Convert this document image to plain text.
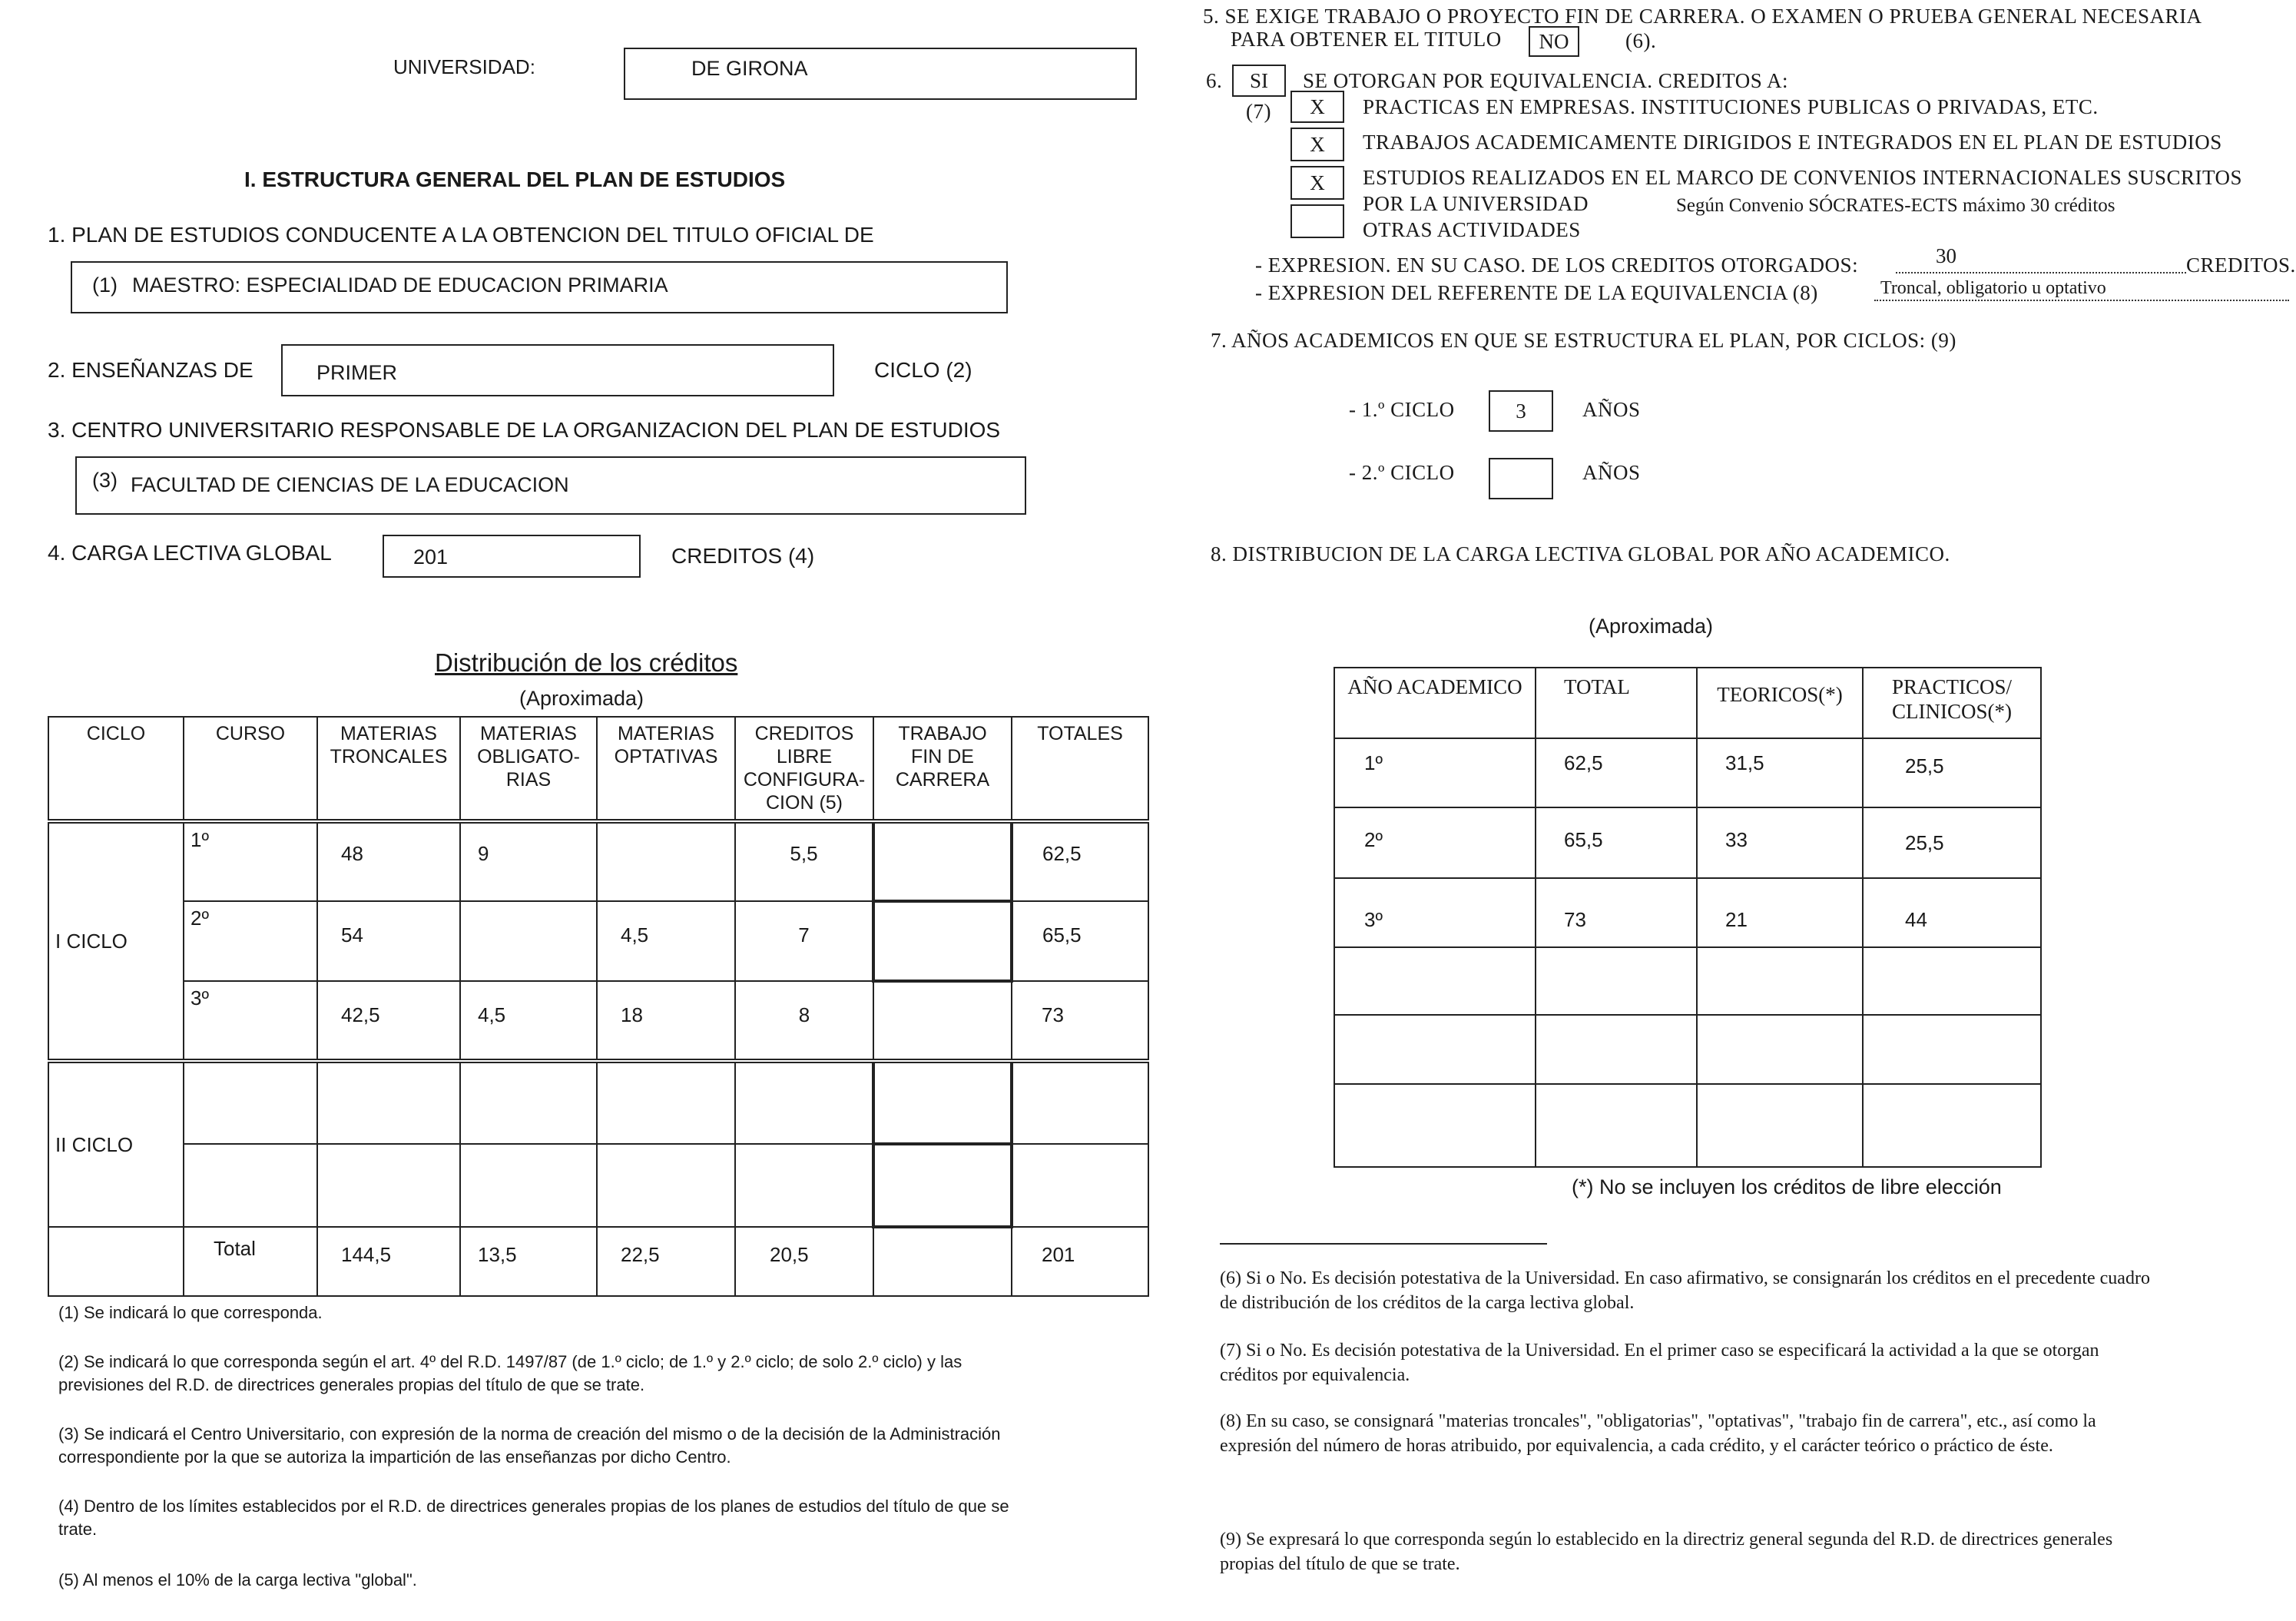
UNIVERSIDAD:	DE GIRONA
I. ESTRUCTURA GENERAL DEL PLAN DE ESTUDIOS
1. PLAN DE ESTUDIOS CONDUCENTE A LA OBTENCION DEL TITULO OFICIAL DE
(1) MAESTRO: ESPECIALIDAD DE EDUCACION PRIMARIA
2. ENSEÑANZAS DE	PRIMER	CICLO (2)
3. CENTRO UNIVERSITARIO RESPONSABLE DE LA ORGANIZACION DEL PLAN DE ESTUDIOS
(3) FACULTAD DE CIENCIAS DE LA EDUCACION
4. CARGA LECTIVA GLOBAL	201	CREDITOS (4)
Distribución de los créditos
(Aproximada)
CICLO	CURSO	MATERIAS TRONCALES	MATERIAS OBLIGATO-RIAS	MATERIAS OPTATIVAS	CREDITOS LIBRE CONFIGURA-CION (5)	TRABAJO FIN DE CARRERA	TOTALES
I CICLO	1º	48	9		5,5		62,5
	2º	54		4,5	7		65,5
	3º	42,5	4,5	18	8		73
II CICLO							

	Total	144,5	13,5	22,5	20,5		201
(1) Se indicará lo que corresponda.
(2) Se indicará lo que corresponda según el art. 4º del R.D. 1497/87 (de 1.º ciclo; de 1.º y 2.º ciclo; de solo 2.º ciclo) y las previsiones del R.D. de directrices generales propias del título de que se trate.
(3) Se indicará el Centro Universitario, con expresión de la norma de creación del mismo o de la decisión de la Administración correspondiente por la que se autoriza la impartición de las enseñanzas por dicho Centro.
(4) Dentro de los límites establecidos por el R.D. de directrices generales propias de los planes de estudios del título de que se trate.
(5) Al menos el 10% de la carga lectiva "global".
5. SE EXIGE TRABAJO O PROYECTO FIN DE CARRERA. O EXAMEN O PRUEBA GENERAL NECESARIA
PARA OBTENER EL TITULO	NO	(6).
6.	SI	SE OTORGAN POR EQUIVALENCIA. CREDITOS A:
(7)	X	PRACTICAS EN EMPRESAS. INSTITUCIONES PUBLICAS O PRIVADAS, ETC.
X	TRABAJOS ACADEMICAMENTE DIRIGIDOS E INTEGRADOS EN EL PLAN DE ESTUDIOS
X	ESTUDIOS REALIZADOS EN EL MARCO DE CONVENIOS INTERNACIONALES SUSCRITOS
POR LA UNIVERSIDAD	Según Convenio SÓCRATES-ECTS máximo 30 créditos
OTRAS ACTIVIDADES
- EXPRESION. EN SU CASO. DE LOS CREDITOS OTORGADOS:	30	CREDITOS.
- EXPRESION DEL REFERENTE DE LA EQUIVALENCIA (8)	Troncal, obligatorio u optativo
7. AÑOS ACADEMICOS EN QUE SE ESTRUCTURA EL PLAN, POR CICLOS: (9)
- 1.º CICLO	3	AÑOS
- 2.º CICLO	AÑOS
8. DISTRIBUCION DE LA CARGA LECTIVA GLOBAL POR AÑO ACADEMICO.
(Aproximada)
AÑO ACADEMICO	TOTAL	TEORICOS(*)	PRACTICOS/ CLINICOS(*)
1º	62,5	31,5	25,5
2º	65,5	33	25,5
3º	73	21	44

(*) No se incluyen los créditos de libre elección
(6) Si o No. Es decisión potestativa de la Universidad. En caso afirmativo, se consignarán los créditos en el precedente cuadro de distribución de los créditos de la carga lectiva global.
(7) Si o No. Es decisión potestativa de la Universidad. En el primer caso se especificará la actividad a la que se otorgan créditos por equivalencia.
(8) En su caso, se consignará "materias troncales", "obligatorias", "optativas", "trabajo fin de carrera", etc., así como la expresión del número de horas atribuido, por equivalencia, a cada crédito, y el carácter teórico o práctico de éste.
(9) Se expresará lo que corresponda según lo establecido en la directriz general segunda del R.D. de directrices generales propias del título de que se trate.
